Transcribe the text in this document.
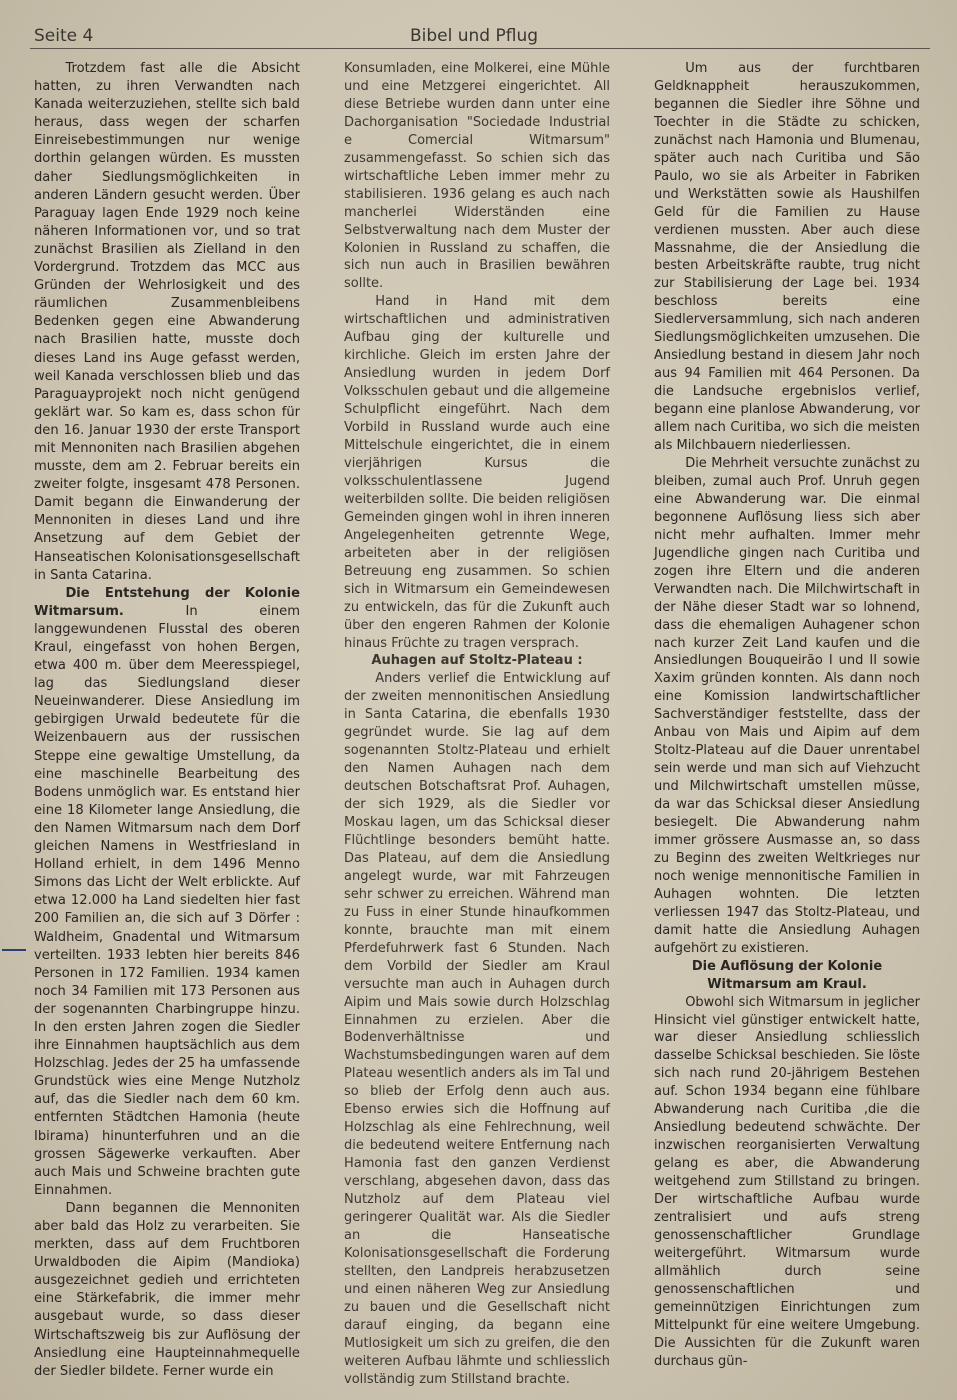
Seite 4	Bibel und Pflug

Trotzdem fast alle die Absicht hatten, zu ihren Verwandten nach Kanada weiterzuziehen, stellte sich bald heraus, dass wegen der scharfen Einreisebestimmungen nur wenige dorthin gelangen würden. Es mussten daher Siedlungsmöglichkeiten in anderen Ländern gesucht werden. Über Paraguay lagen Ende 1929 noch keine näheren Informationen vor, und so trat zunächst Brasilien als Zielland in den Vordergrund. Trotzdem das MCC aus Gründen der Wehrlosigkeit und des räumlichen Zusammenbleibens Bedenken gegen eine Abwanderung nach Brasilien hatte, musste doch dieses Land ins Auge gefasst werden, weil Kanada verschlossen blieb und das Paraguayprojekt noch nicht genügend geklärt war. So kam es, dass schon für den 16. Januar 1930 der erste Transport mit Mennoniten nach Brasilien abgehen musste, dem am 2. Februar bereits ein zweiter folgte, insgesamt 478 Personen. Damit begann die Einwanderung der Mennoniten in dieses Land und ihre Ansetzung auf dem Gebiet der Hanseatischen Kolonisationsgesellschaft in Santa Catarina.

Die Entstehung der Kolonie Witmarsum. In einem langgewundenen Flusstal des oberen Kraul, eingefasst von hohen Bergen, etwa 400 m. über dem Meeresspiegel, lag das Siedlungsland dieser Neueinwanderer. Diese Ansiedlung im gebirgigen Urwald bedeutete für die Weizenbauern aus der russischen Steppe eine gewaltige Umstellung, da eine maschinelle Bearbeitung des Bodens unmöglich war. Es entstand hier eine 18 Kilometer lange Ansiedlung, die den Namen Witmarsum nach dem Dorf gleichen Namens in Westfriesland in Holland erhielt, in dem 1496 Menno Simons das Licht der Welt erblickte. Auf etwa 12.000 ha Land siedelten hier fast 200 Familien an, die sich auf 3 Dörfer : Waldheim, Gnadental und Witmarsum verteilten. 1933 lebten hier bereits 846 Personen in 172 Familien. 1934 kamen noch 34 Familien mit 173 Personen aus der sogenannten Charbingruppe hinzu. In den ersten Jahren zogen die Siedler ihre Einnahmen hauptsächlich aus dem Holzschlag. Jedes der 25 ha umfassende Grundstück wies eine Menge Nutzholz auf, das die Siedler nach dem 60 km. entfernten Städtchen Hamonia (heute Ibirama) hinunterfuhren und an die grossen Sägewerke verkauften. Aber auch Mais und Schweine brachten gute Einnahmen.

Dann begannen die Mennoniten aber bald das Holz zu verarbeiten. Sie merkten, dass auf dem Fruchtboren Urwaldboden die Aipim (Mandioka) ausgezeichnet gedieh und errichteten eine Stärkefabrik, die immer mehr ausgebaut wurde, so dass dieser Wirtschaftszweig bis zur Auflösung der Ansiedlung eine Haupteinnahmequelle der Siedler bildete. Ferner wurde ein

Konsumladen, eine Molkerei, eine Mühle und eine Metzgerei eingerichtet. All diese Betriebe wurden dann unter eine Dachorganisation "Sociedade Industrial e Comercial Witmarsum" zusammengefasst. So schien sich das wirtschaftliche Leben immer mehr zu stabilisieren. 1936 gelang es auch nach mancherlei Widerständen eine Selbstverwaltung nach dem Muster der Kolonien in Russland zu schaffen, die sich nun auch in Brasilien bewähren sollte.

Hand in Hand mit dem wirtschaftlichen und administrativen Aufbau ging der kulturelle und kirchliche. Gleich im ersten Jahre der Ansiedlung wurden in jedem Dorf Volksschulen gebaut und die allgemeine Schulpflicht eingeführt. Nach dem Vorbild in Russland wurde auch eine Mittelschule eingerichtet, die in einem vierjährigen Kursus die volksschulentlassene Jugend weiterbilden sollte. Die beiden religiösen Gemeinden gingen wohl in ihren inneren Angelegenheiten getrennte Wege, arbeiteten aber in der religiösen Betreuung eng zusammen. So schien sich in Witmarsum ein Gemeindewesen zu entwickeln, das für die Zukunft auch über den engeren Rahmen der Kolonie hinaus Früchte zu tragen versprach.

Auhagen auf Stoltz-Plateau :

Anders verlief die Entwicklung auf der zweiten mennonitischen Ansiedlung in Santa Catarina, die ebenfalls 1930 gegründet wurde. Sie lag auf dem sogenannten Stoltz-Plateau und erhielt den Namen Auhagen nach dem deutschen Botschaftsrat Prof. Auhagen, der sich 1929, als die Siedler vor Moskau lagen, um das Schicksal dieser Flüchtlinge besonders bemüht hatte. Das Plateau, auf dem die Ansiedlung angelegt wurde, war mit Fahrzeugen sehr schwer zu erreichen. Während man zu Fuss in einer Stunde hinaufkommen konnte, brauchte man mit einem Pferdefuhrwerk fast 6 Stunden. Nach dem Vorbild der Siedler am Kraul versuchte man auch in Auhagen durch Aipim und Mais sowie durch Holzschlag Einnahmen zu erzielen. Aber die Bodenverhältnisse und Wachstumsbedingungen waren auf dem Plateau wesentlich anders als im Tal und so blieb der Erfolg denn auch aus. Ebenso erwies sich die Hoffnung auf Holzschlag als eine Fehlrechnung, weil die bedeutend weitere Entfernung nach Hamonia fast den ganzen Verdienst verschlang, abgesehen davon, dass das Nutzholz auf dem Plateau viel geringerer Qualität war. Als die Siedler an die Hanseatische Kolonisationsgesellschaft die Forderung stellten, den Landpreis herabzusetzen und einen näheren Weg zur Ansiedlung zu bauen und die Gesellschaft nicht darauf einging, da begann eine Mutlosigkeit um sich zu greifen, die den weiteren Aufbau lähmte und schliesslich vollständig zum Stillstand brachte.

Um aus der furchtbaren Geldknappheit herauszukommen, begannen die Siedler ihre Söhne und Toechter in die Städte zu schicken, zunächst nach Hamonia und Blumenau, später auch nach Curitiba und São Paulo, wo sie als Arbeiter in Fabriken und Werkstätten sowie als Haushilfen Geld für die Familien zu Hause verdienen mussten. Aber auch diese Massnahme, die der Ansiedlung die besten Arbeitskräfte raubte, trug nicht zur Stabilisierung der Lage bei. 1934 beschloss bereits eine Siedlerversammlung, sich nach anderen Siedlungsmöglichkeiten umzusehen. Die Ansiedlung bestand in diesem Jahr noch aus 94 Familien mit 464 Personen. Da die Landsuche ergebnislos verlief, begann eine planlose Abwanderung, vor allem nach Curitiba, wo sich die meisten als Milchbauern niederliessen.

Die Mehrheit versuchte zunächst zu bleiben, zumal auch Prof. Unruh gegen eine Abwanderung war. Die einmal begonnene Auflösung liess sich aber nicht mehr aufhalten. Immer mehr Jugendliche gingen nach Curitiba und zogen ihre Eltern und die anderen Verwandten nach. Die Milchwirtschaft in der Nähe dieser Stadt war so lohnend, dass die ehemaligen Auhagener schon nach kurzer Zeit Land kaufen und die Ansiedlungen Bouqueirão I und II sowie Xaxim gründen konnten. Als dann noch eine Komission landwirtschaftlicher Sachverständiger feststellte, dass der Anbau von Mais und Aipim auf dem Stoltz-Plateau auf die Dauer unrentabel sein werde und man sich auf Viehzucht und Milchwirtschaft umstellen müsse, da war das Schicksal dieser Ansiedlung besiegelt. Die Abwanderung nahm immer grössere Ausmasse an, so dass zu Beginn des zweiten Weltkrieges nur noch wenige mennonitische Familien in Auhagen wohnten. Die letzten verliessen 1947 das Stoltz-Plateau, und damit hatte die Ansiedlung Auhagen aufgehört zu existieren.

Die Auflösung der Kolonie Witmarsum am Kraul.

Obwohl sich Witmarsum in jeglicher Hinsicht viel günstiger entwickelt hatte, war dieser Ansiedlung schliesslich dasselbe Schicksal beschieden. Sie löste sich nach rund 20-jährigem Bestehen auf. Schon 1934 begann eine fühlbare Abwanderung nach Curitiba ,die die Ansiedlung bedeutend schwächte. Der inzwischen reorganisierten Verwaltung gelang es aber, die Abwanderung weitgehend zum Stillstand zu bringen. Der wirtschaftliche Aufbau wurde zentralisiert und aufs streng genossenschaftlicher Grundlage weitergeführt. Witmarsum wurde allmählich durch seine genossenschaftlichen und gemeinnützigen Einrichtungen zum Mittelpunkt für eine weitere Umgebung. Die Aussichten für die Zukunft waren durchaus gün-
